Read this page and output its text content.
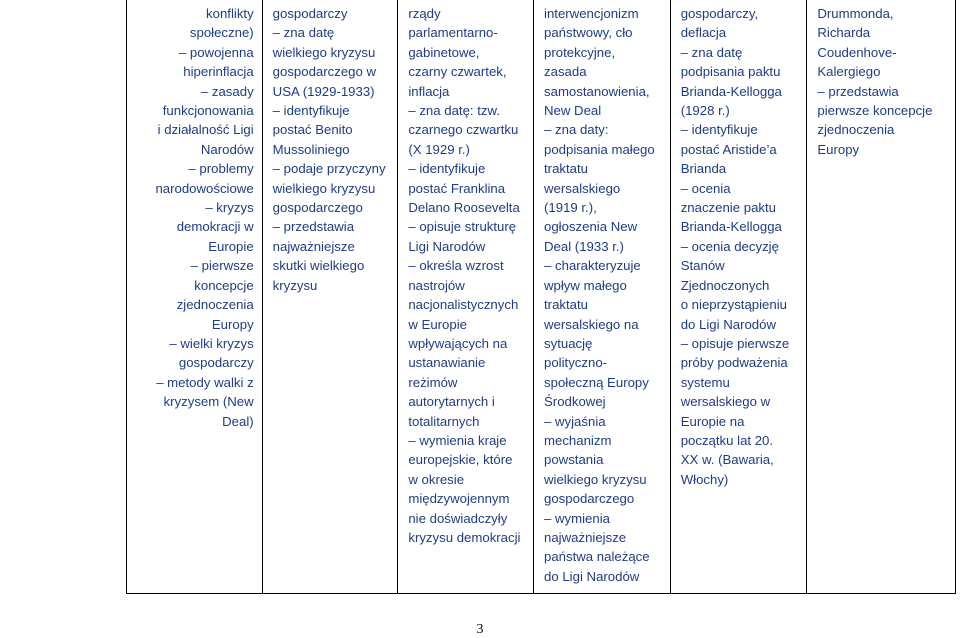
konflikty
społeczne)
– powojenna
hiperinflacja
– zasady
funkcjonowania
i działalność Ligi
Narodów
– problemy
narodowościowe
– kryzys
demokracji w
Europie
– pierwsze
koncepcje
zjednoczenia
Europy
– wielki kryzys
gospodarczy
– metody walki z
kryzysem (New
Deal)
gospodarczy
– zna datę
wielkiego kryzysu
gospodarczego w
USA (1929-1933)
– identyfikuje
postać Benito
Mussoliniego
– podaje przyczyny
wielkiego kryzysu
gospodarczego
– przedstawia
najważniejsze
skutki wielkiego
kryzysu
rządy
parlamentarno-
gabinetowe,
czarny czwartek,
inflacja
– zna datę: tzw.
czarnego czwartku
(X 1929 r.)
– identyfikuje
postać Franklina
Delano Roosevelta
– opisuje strukturę
Ligi Narodów
– określa wzrost
nastrojów
nacjonalistycznych
w Europie
wpływających na
ustanawianie
reżimów
autorytarnych i
totalitarnych
– wymienia kraje
europejskie, które
w okresie
międzywojennym
nie doświadczyły
kryzysu demokracji
interwencjonizm
państwowy, cło
protekcyjne,
zasada
samostanowienia,
New Deal
– zna daty:
podpisania małego
traktatu
wersalskiego
(1919 r.),
ogłoszenia New
Deal (1933 r.)
– charakteryzuje
wpływ małego
traktatu
wersalskiego na
sytuację
polityczno-
społeczną Europy
Środkowej
– wyjaśnia
mechanizm
powstania
wielkiego kryzysu
gospodarczego
– wymienia
najważniejsze
państwa należące
do Ligi Narodów
gospodarczy,
deflacja
– zna datę
podpisania paktu
Brianda-Kellogga
(1928 r.)
– identyfikuje
postać Aristide’a
Brianda
– ocenia
znaczenie paktu
Brianda-Kellogga
– ocenia decyzję
Stanów
Zjednoczonych
o nieprzystąpieniu
do Ligi Narodów
– opisuje pierwsze
próby podważenia
systemu
wersalskiego w
Europie na
początku lat 20.
XX w. (Bawaria,
Włochy)
Drummonda,
Richarda
Coudenhove-
Kalergiego
– przedstawia
pierwsze koncepcje
zjednoczenia
Europy
3
